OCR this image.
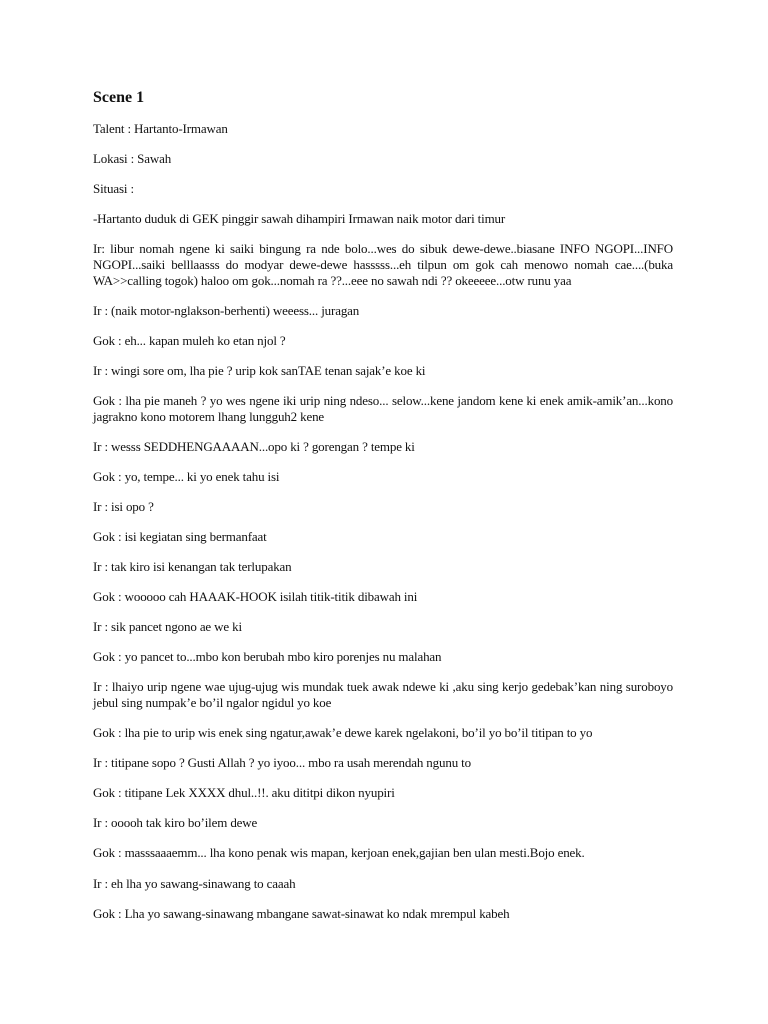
Scene 1

Talent : Hartanto-Irmawan

Lokasi : Sawah

Situasi :

-Hartanto duduk di GEK pinggir sawah dihampiri Irmawan naik motor dari timur

Ir: libur nomah ngene ki saiki bingung ra nde bolo...wes do sibuk dewe-dewe..biasane INFO NGOPI...INFO NGOPI...saiki belllaasss do modyar dewe-dewe hasssss...eh tilpun om gok cah menowo nomah cae....(buka WA>>calling togok) haloo om gok...nomah ra ??...eee no sawah ndi ?? okeeeee...otw runu yaa

Ir : (naik motor-nglakson-berhenti) weeess... juragan

Gok : eh... kapan muleh ko etan njol ?

Ir : wingi sore om, lha pie ? urip kok sanTAE tenan sajak’e koe ki

Gok : lha pie maneh ? yo wes ngene iki urip ning ndeso... selow...kene jandom kene ki enek amik-amik’an...kono jagrakno kono motorem lhang lungguh2 kene

Ir : wesss SEDDHENGAAAAN...opo ki ? gorengan ? tempe ki

Gok : yo, tempe... ki yo enek tahu isi

Ir : isi opo ?

Gok : isi kegiatan sing bermanfaat

Ir : tak kiro isi kenangan tak terlupakan

Gok : wooooo cah HAAAK-HOOK isilah titik-titik dibawah ini

Ir : sik pancet ngono ae we ki

Gok : yo pancet to...mbo kon berubah mbo kiro porenjes nu malahan

Ir : lhaiyo urip ngene wae ujug-ujug wis mundak tuek awak ndewe ki ,aku sing kerjo gedebak’kan ning suroboyo jebul sing numpak’e bo’il ngalor ngidul yo koe

Gok : lha pie to urip wis enek sing ngatur,awak’e dewe karek ngelakoni, bo’il yo bo’il titipan to yo

Ir : titipane sopo ? Gusti Allah ? yo iyoo... mbo ra usah merendah ngunu to

Gok : titipane Lek XXXX dhul..!!. aku dititpi dikon nyupiri

Ir : ooooh tak kiro bo’ilem dewe

Gok : masssaaaemm... lha kono penak wis mapan, kerjoan enek,gajian ben ulan mesti.Bojo enek.

Ir : eh lha yo sawang-sinawang to caaah

Gok : Lha yo sawang-sinawang mbangane sawat-sinawat ko ndak mrempul kabeh
